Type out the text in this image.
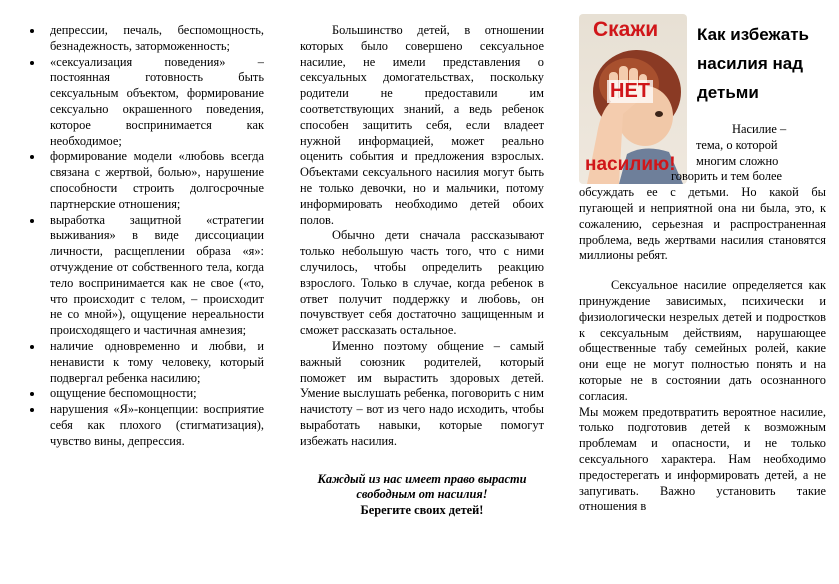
депрессии, печаль, беспомощность, безнадежность, заторможенность;
«сексуализация поведения» – постоянная готовность быть сексуальным объектом, формирование сексуально окрашенного поведения, которое воспринимается как необходимое;
формирование модели «любовь всегда связана с жертвой, болью», нарушение способности строить долгосрочные партнерские отношения;
выработка защитной «стратегии выживания» в виде диссоциации личности, расщеплении образа «я»: отчуждение от собственного тела, когда тело воспринимается как не свое («то, что происходит с телом, – происходит не со мной»), ощущение нереальности происходящего и частичная амнезия;
наличие одновременно и любви, и ненависти к тому человеку, который подвергал ребенка насилию;
ощущение беспомощности;
нарушения «Я»-концепции: восприятие себя как плохого (стигматизация), чувство вины, депрессия.

Большинство детей, в отношении которых было совершено сексуальное насилие, не имели представления о сексуальных домогательствах, поскольку родители не предоставили им соответствующих знаний, а ведь ребенок способен защитить себя, если владеет нужной информацией, может реально оценить события и предложения взрослых. Объектами сексуального насилия могут быть не только девочки, но и мальчики, потому информировать необходимо детей обоих полов.

Обычно дети сначала рассказывают только небольшую часть того, что с ними случилось, чтобы определить реакцию взрослого. Только в случае, когда ребенок в ответ получит поддержку и любовь, он почувствует себя достаточно защищенным и сможет рассказать остальное.

Именно поэтому общение – самый важный союзник родителей, который поможет им вырастить здоровых детей. Умение выслушать ребенка, поговорить с ним начистоту – вот из чего надо исходить, чтобы выработать навыки, которые помогут избежать насилия.

Каждый из нас имеет право вырасти
свободным от насилия!
Берегите своих детей!
Скажи
НЕТ
насилию!
Как избежать
насилия над
детьми

Насилие –
тема, о которой
многим сложно
говорить и тем более
обсуждать ее с детьми. Но какой бы пугающей и неприятной она ни была, это, к сожалению, серьезная и распространенная проблема, ведь жертвами насилия становятся миллионы ребят.

Сексуальное насилие определяется как принуждение зависимых, психически и физиологически незрелых детей и подростков к сексуальным действиям, нарушающее общественные табу семейных ролей, какие они еще не могут полностью понять и на которые не в состоянии дать осознанного согласия.

Мы можем предотвратить вероятное насилие, только подготовив детей к возможным проблемам и опасности, и не только сексуального характера. Нам необходимо предостерегать и информировать детей, а не запугивать. Важно установить такие отношения в
